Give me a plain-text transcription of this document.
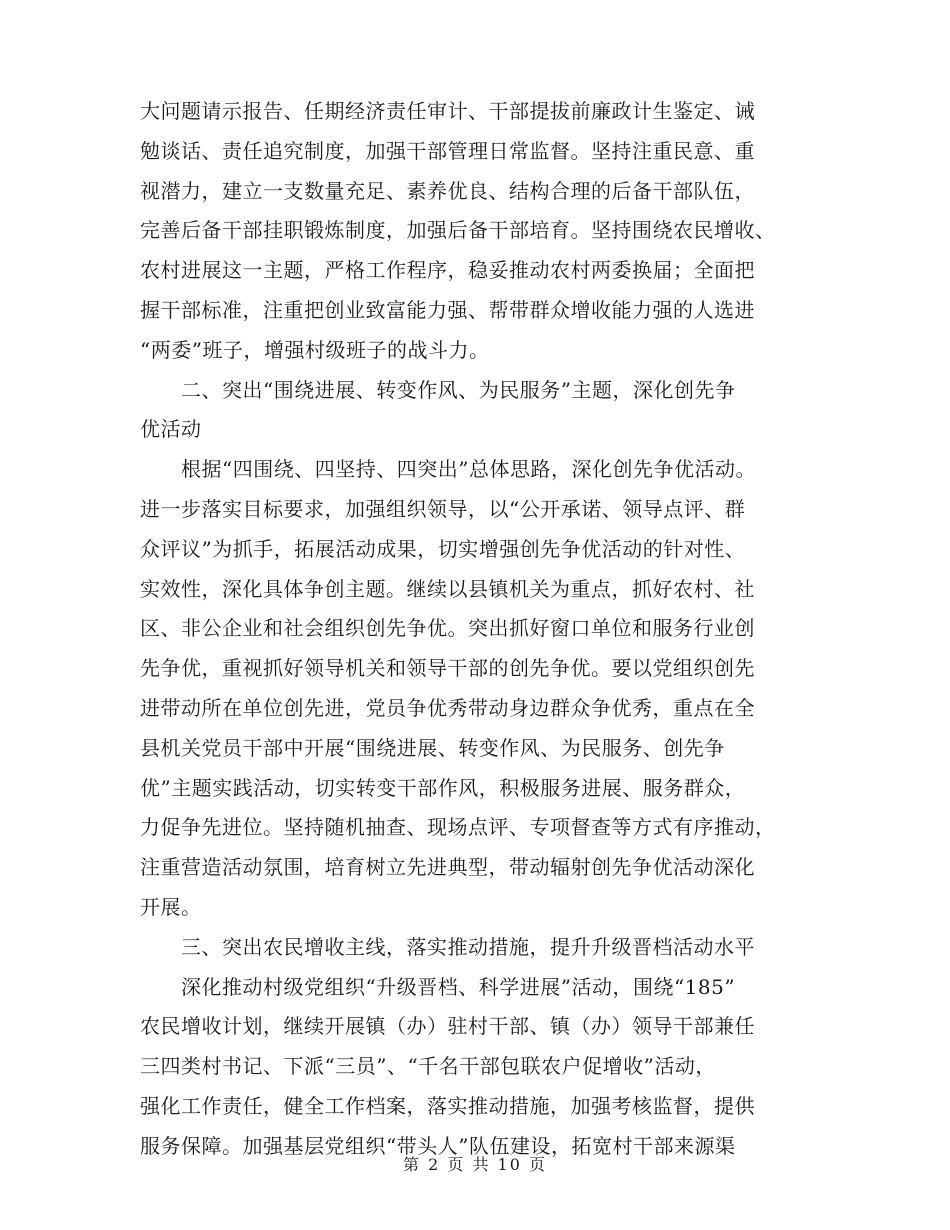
大问题请示报告、任期经济责任审计、干部提拔前廉政计生鉴定、诫
勉谈话、责任追究制度，加强干部管理日常监督。坚持注重民意、重
视潜力，建立一支数量充足、素养优良、结构合理的后备干部队伍，
完善后备干部挂职锻炼制度，加强后备干部培育。坚持围绕农民增收、
农村进展这一主题，严格工作程序，稳妥推动农村两委换届；全面把
握干部标准，注重把创业致富能力强、帮带群众增收能力强的人选进
“两委”班子，增强村级班子的战斗力。
　　二、突出“围绕进展、转变作风、为民服务”主题，深化创先争
优活动
　　根据“四围绕、四坚持、四突出”总体思路，深化创先争优活动。
进一步落实目标要求，加强组织领导，以“公开承诺、领导点评、群
众评议”为抓手，拓展活动成果，切实增强创先争优活动的针对性、
实效性，深化具体争创主题。继续以县镇机关为重点，抓好农村、社
区、非公企业和社会组织创先争优。突出抓好窗口单位和服务行业创
先争优，重视抓好领导机关和领导干部的创先争优。要以党组织创先
进带动所在单位创先进，党员争优秀带动身边群众争优秀，重点在全
县机关党员干部中开展“围绕进展、转变作风、为民服务、创先争
优”主题实践活动，切实转变干部作风，积极服务进展、服务群众，
力促争先进位。坚持随机抽查、现场点评、专项督查等方式有序推动，
注重营造活动氛围，培育树立先进典型，带动辐射创先争优活动深化
开展。
　　三、突出农民增收主线，落实推动措施，提升升级晋档活动水平
　　深化推动村级党组织“升级晋档、科学进展”活动，围绕“185”
农民增收计划，继续开展镇（办）驻村干部、镇（办）领导干部兼任
三四类村书记、下派“三员”、“千名干部包联农户促增收”活动，
强化工作责任，健全工作档案，落实推动措施，加强考核监督，提供
服务保障。加强基层党组织“带头人”队伍建设，拓宽村干部来源渠
第 2 页 共 10 页
